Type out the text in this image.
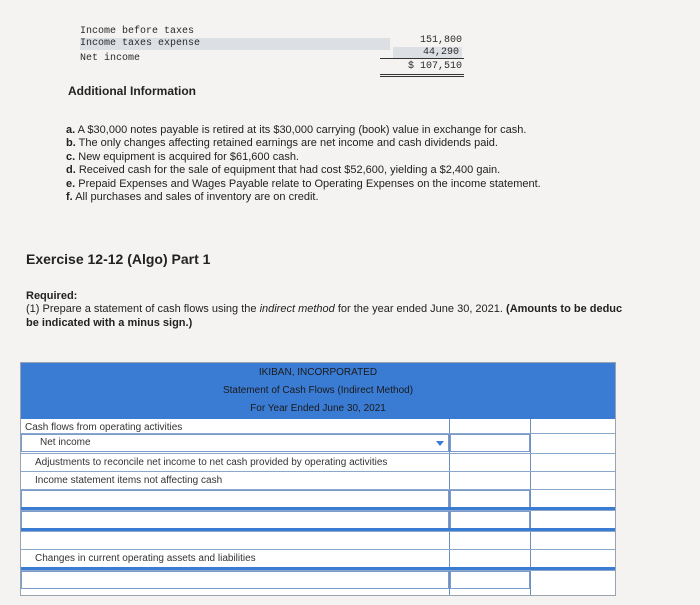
Income before taxes
Income taxes expense
Net income
151,800
44,290
$ 107,510
Additional Information
a. A $30,000 notes payable is retired at its $30,000 carrying (book) value in exchange for cash.
b. The only changes affecting retained earnings are net income and cash dividends paid.
c. New equipment is acquired for $61,600 cash.
d. Received cash for the sale of equipment that had cost $52,600, yielding a $2,400 gain.
e. Prepaid Expenses and Wages Payable relate to Operating Expenses on the income statement.
f. All purchases and sales of inventory are on credit.
Exercise 12-12 (Algo) Part 1
Required:
(1) Prepare a statement of cash flows using the indirect method for the year ended June 30, 2021. (Amounts to be deduc
be indicated with a minus sign.)
IKIBAN, INCORPORATED
Statement of Cash Flows (Indirect Method)
For Year Ended June 30, 2021
Cash flows from operating activities
Net income
Adjustments to reconcile net income to net cash provided by operating activities
Income statement items not affecting cash
Changes in current operating assets and liabilities
